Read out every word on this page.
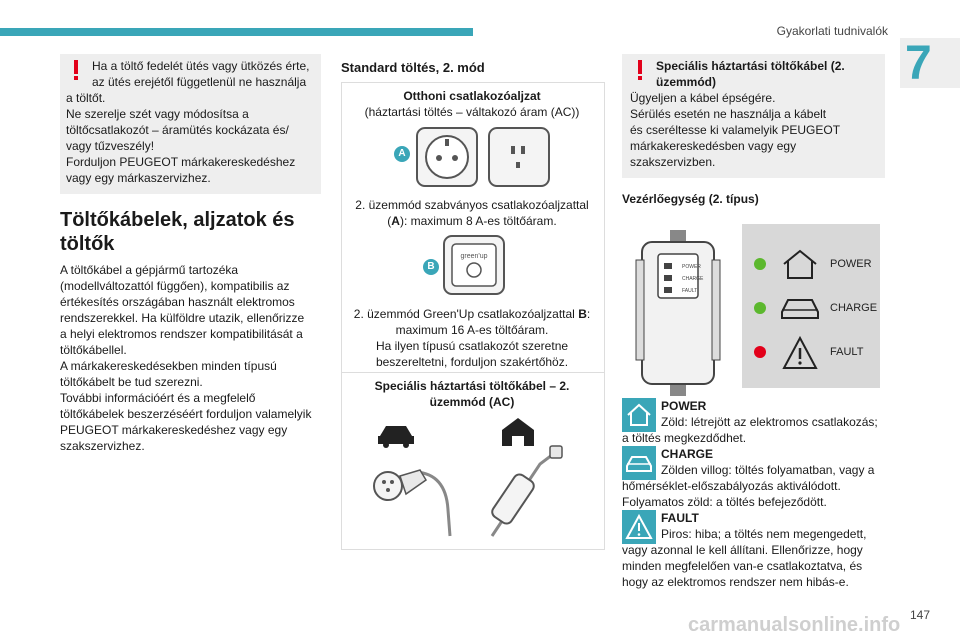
Gyakorlati tudnivalók
7
Ha a töltő fedelét ütés vagy ütközés érte,
az ütés erejétől függetlenül ne használja
a töltőt.
Ne szerelje szét vagy módosítsa a
töltőcsatlakozót – áramütés kockázata és/
vagy tűzveszély!
Forduljon PEUGEOT márkakereskedéshez
vagy egy márkaszervizhez.
Töltőkábelek, aljzatok és
töltők
A töltőkábel a gépjármű tartozéka
(modellváltozattól függően), kompatibilis az
értékesítés országában használt elektromos
rendszerekkel. Ha külföldre utazik, ellenőrizze
a helyi elektromos rendszer kompatibilitását a
töltőkábellel.
A márkakereskedésekben minden típusú
töltőkábelt be tud szerezni.
További információért és a megfelelő
töltőkábelek beszerzéséért forduljon valamelyik
PEUGEOT márkakereskedéshez vagy egy
szakszervizhez.
Standard töltés, 2. mód
Otthoni csatlakozóaljzat
(háztartási töltés – váltakozó áram (AC))
A
2. üzemmód szabványos csatlakozóaljzattal
(A): maximum 8 A-es töltőáram.
green'up
B
2. üzemmód Green'Up csatlakozóaljzattal B:
maximum 16 A-es töltőáram.
Ha ilyen típusú csatlakozót szeretne
beszereltetni, forduljon szakértőhöz.
Speciális háztartási töltőkábel – 2.
üzemmód (AC)
Speciális háztartási töltőkábel (2.
üzemmód)
Ügyeljen a kábel épségére.
Sérülés esetén ne használja a kábelt
és cseréltesse ki valamelyik PEUGEOT
márkakereskedésben vagy egy
szakszervizben.
Vezérlőegység (2. típus)
POWER
CHARGE
FAULT
POWER
CHARGE
FAULT
POWER
Zöld: létrejött az elektromos csatlakozás;
a töltés megkezdődhet.
CHARGE
Zölden villog: töltés folyamatban, vagy a
hőmérséklet-előszabályozás aktiválódott.
Folyamatos zöld: a töltés befejeződött.
FAULT
Piros: hiba; a töltés nem megengedett,
vagy azonnal le kell állítani. Ellenőrizze, hogy
minden megfelelően van-e csatlakoztatva, és
hogy az elektromos rendszer nem hibás-e.
147
carmanualsonline.info
